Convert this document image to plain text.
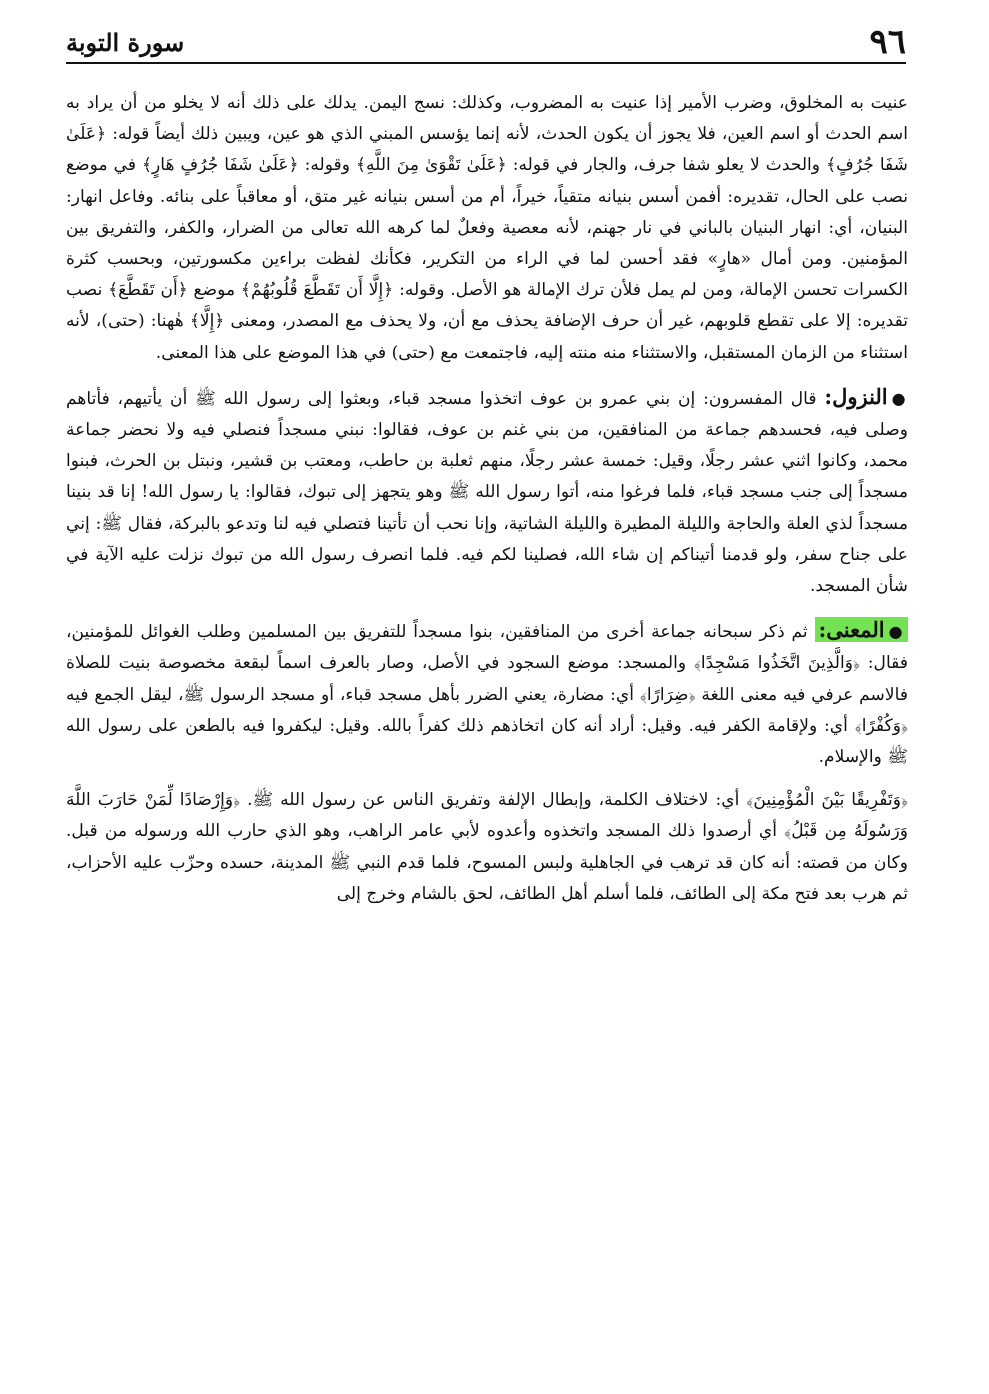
سورة التوبة	٩٦

عنيت به المخلوق، وضرب الأمير إذا عنيت به المضروب، وكذلك: نسج اليمن. يدلك على ذلك أنه لا يخلو من أن يراد به اسم الحدث أو اسم العين، فلا يجوز أن يكون الحدث، لأنه إنما يؤسس المبني الذي هو عين، ويبين ذلك أيضاً قوله: ﴿عَلَىٰ شَفَا جُرُفٍ﴾ والحدث لا يعلو شفا جرف، والجار في قوله: ﴿عَلَىٰ تَقْوَىٰ مِنَ اللَّهِ﴾ وقوله: ﴿عَلَىٰ شَفَا جُرُفٍ هَارٍ﴾ في موضع نصب على الحال، تقديره: أفمن أسس بنيانه متقياً، خيراً، أم من أسس بنيانه غير متق، أو معاقباً على بنائه. وفاعل انهار: البنيان، أي: انهار البنيان بالباني في نار جهنم، لأنه معصية وفعلٌ لما كرهه الله تعالى من الضرار، والكفر، والتفريق بين المؤمنين. ومن أمال «هارٍ» فقد أحسن لما في الراء من التكرير، فكأنك لفظت براءين مكسورتين، وبحسب كثرة الكسرات تحسن الإمالة، ومن لم يمل فلأن ترك الإمالة هو الأصل. وقوله: ﴿إِلَّا أَن تَقَطَّعَ قُلُوبُهُمْ﴾ موضع ﴿أَن تَقَطَّعَ﴾ نصب تقديره: إلا على تقطع قلوبهم، غير أن حرف الإضافة يحذف مع أن، ولا يحذف مع المصدر، ومعنى ﴿إِلَّا﴾ هٰهنا: (حتى)، لأنه استثناء من الزمان المستقبل، والاستثناء منه منته إليه، فاجتمعت مع (حتى) في هذا الموضع على هذا المعنى.

●النزول: قال المفسرون: إن بني عمرو بن عوف اتخذوا مسجد قباء، وبعثوا إلى رسول الله ﷺ أن يأتيهم، فأتاهم وصلى فيه، فحسدهم جماعة من المنافقين، من بني غنم بن عوف، فقالوا: نبني مسجداً فنصلي فيه ولا نحضر جماعة محمد، وكانوا اثني عشر رجلًا، وقيل: خمسة عشر رجلًا، منهم ثعلبة بن حاطب، ومعتب بن قشير، ونبتل بن الحرث، فبنوا مسجداً إلى جنب مسجد قباء، فلما فرغوا منه، أتوا رسول الله ﷺ وهو يتجهز إلى تبوك، فقالوا: يا رسول الله! إنا قد بنينا مسجداً لذي العلة والحاجة والليلة المطيرة والليلة الشاتية، وإنا نحب أن تأتينا فتصلي فيه لنا وتدعو بالبركة، فقال ﷺ: إني على جناح سفر، ولو قدمنا أتيناكم إن شاء الله، فصلينا لكم فيه. فلما انصرف رسول الله من تبوك نزلت عليه الآية في شأن المسجد.

●المعنى: ثم ذكر سبحانه جماعة أخرى من المنافقين، بنوا مسجداً للتفريق بين المسلمين وطلب الغوائل للمؤمنين، فقال: ﴿وَالَّذِينَ اتَّخَذُوا مَسْجِدًا﴾ والمسجد: موضع السجود في الأصل، وصار بالعرف اسماً لبقعة مخصوصة بنيت للصلاة فالاسم عرفي فيه معنى اللغة ﴿ضِرَارًا﴾ أي: مضارة، يعني الضرر بأهل مسجد قباء، أو مسجد الرسول ﷺ، ليقل الجمع فيه ﴿وَكُفْرًا﴾ أي: ولإقامة الكفر فيه. وقيل: أراد أنه كان اتخاذهم ذلك كفراً بالله. وقيل: ليكفروا فيه بالطعن على رسول الله ﷺ والإسلام.

﴿وَتَفْرِيقًا بَيْنَ الْمُؤْمِنِينَ﴾ أي: لاختلاف الكلمة، وإبطال الإلفة وتفريق الناس عن رسول الله ﷺ. ﴿وَإِرْصَادًا لِّمَنْ حَارَبَ اللَّهَ وَرَسُولَهُ مِن قَبْلُ﴾ أي أرصدوا ذلك المسجد واتخذوه وأعدوه لأبي عامر الراهب، وهو الذي حارب الله ورسوله من قبل. وكان من قصته: أنه كان قد ترهب في الجاهلية ولبس المسوح، فلما قدم النبي ﷺ المدينة، حسده وحزّب عليه الأحزاب، ثم هرب بعد فتح مكة إلى الطائف، فلما أسلم أهل الطائف، لحق بالشام وخرج إلى
